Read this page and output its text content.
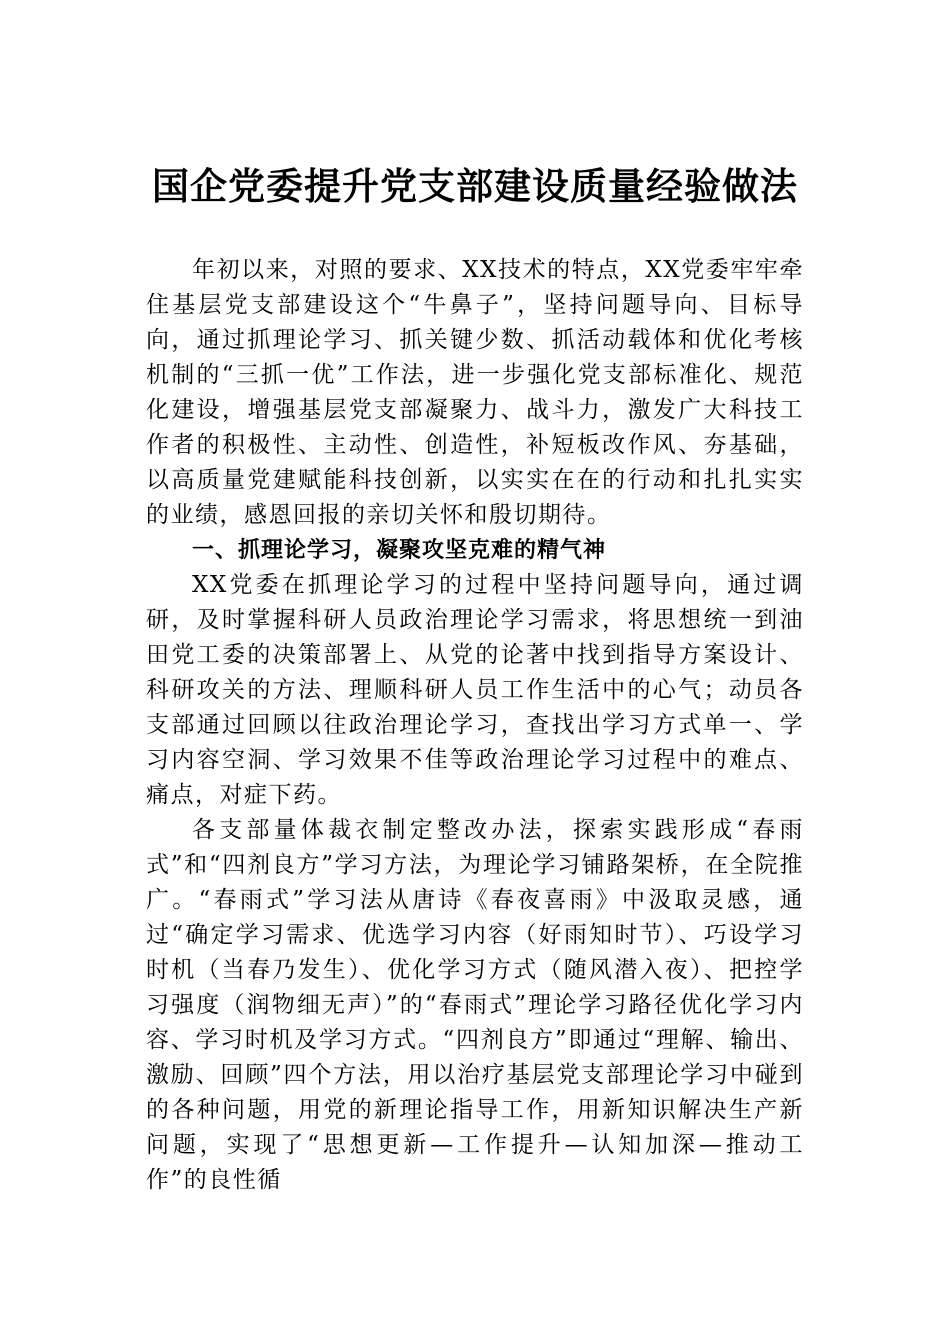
国企党委提升党支部建设质量经验做法

年初以来，对照的要求、XX技术的特点，XX党委牢牢牵住基层党支部建设这个“牛鼻子”，坚持问题导向、目标导向，通过抓理论学习、抓关键少数、抓活动载体和优化考核机制的“三抓一优”工作法，进一步强化党支部标准化、规范化建设，增强基层党支部凝聚力、战斗力，激发广大科技工作者的积极性、主动性、创造性，补短板改作风、夯基础，以高质量党建赋能科技创新，以实实在在的行动和扎扎实实的业绩，感恩回报的亲切关怀和殷切期待。

一、抓理论学习，凝聚攻坚克难的精气神

XX党委在抓理论学习的过程中坚持问题导向，通过调研，及时掌握科研人员政治理论学习需求，将思想统一到油田党工委的决策部署上、从党的论著中找到指导方案设计、科研攻关的方法、理顺科研人员工作生活中的心气；动员各支部通过回顾以往政治理论学习，查找出学习方式单一、学习内容空洞、学习效果不佳等政治理论学习过程中的难点、痛点，对症下药。

各支部量体裁衣制定整改办法，探索实践形成“春雨式”和“四剂良方”学习方法，为理论学习铺路架桥，在全院推广。“春雨式”学习法从唐诗《春夜喜雨》中汲取灵感，通过“确定学习需求、优选学习内容（好雨知时节）、巧设学习时机（当春乃发生）、优化学习方式（随风潜入夜）、把控学习强度（润物细无声）”的“春雨式”理论学习路径优化学习内容、学习时机及学习方式。“四剂良方”即通过“理解、输出、激励、回顾”四个方法，用以治疗基层党支部理论学习中碰到的各种问题，用党的新理论指导工作，用新知识解决生产新问题，实现了“思想更新—工作提升—认知加深—推动工作”的良性循
